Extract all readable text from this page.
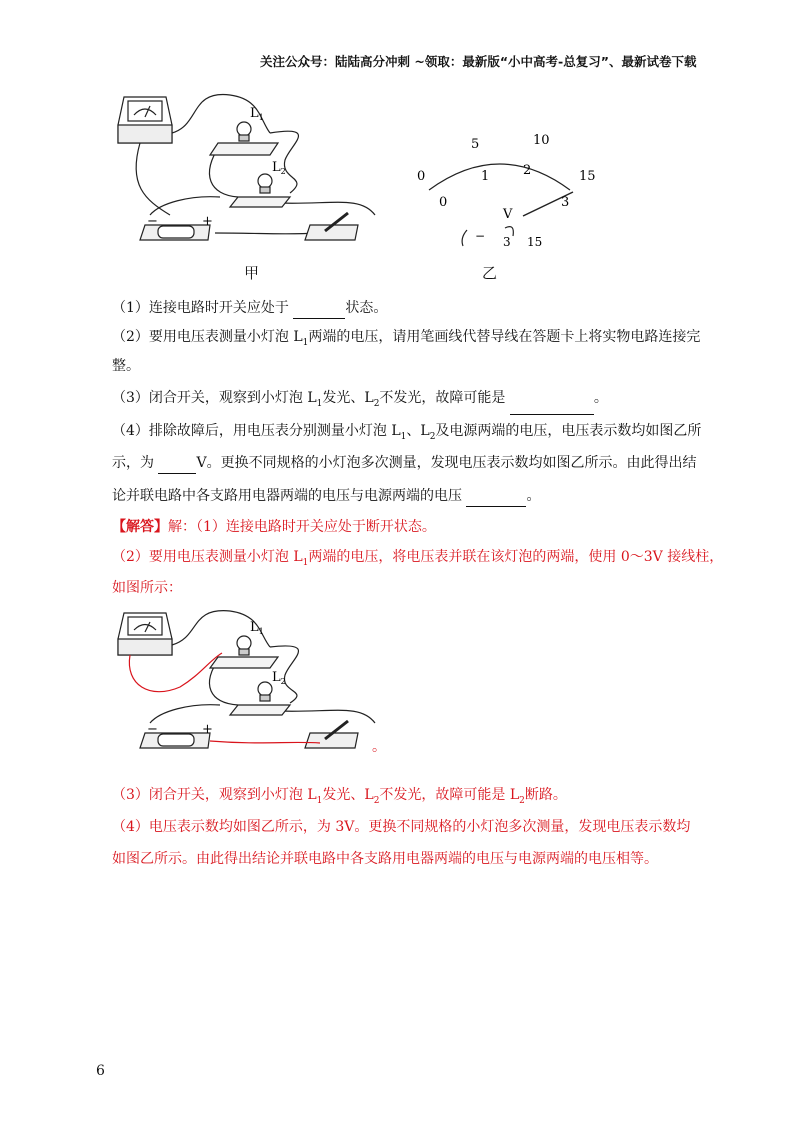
关注公众号：陆陆高分冲刺 ~领取：最新版“小中高考-总复习”、最新试卷下载
$L_1$
$L_2$
−	+
甲
0
5	10
15
0
1	2
3
V
− 3 15
乙
（1）连接电路时开关应处于	状态。
（2）要用电压表测量小灯泡 $L_1$两端的电压，请用笔画线代替导线在答题卡上将实物电路连接完
整。
（3）闭合开关，观察到小灯泡 $L_1$发光、$L_2$不发光，故障可能是	。
（4）排除故障后，用电压表分别测量小灯泡 $L_1$、$L_2$及电源两端的电压，电压表示数均如图乙所
示，为	V。更换不同规格的小灯泡多次测量，发现电压表示数均如图乙所示。由此得出结
论并联电路中各支路用电器两端的电压与电源两端的电压	。
【解答】解：（1）连接电路时开关应处于断开状态。
（2）要用电压表测量小灯泡 $L_1$两端的电压，将电压表并联在该灯泡的两端，使用 0～3V 接线柱，
如图所示：
$L_1$
$L_2$
−	+
。
（3）闭合开关，观察到小灯泡 $L_1$发光、$L_2$不发光，故障可能是 $L_2$断路。
（4）电压表示数均如图乙所示，为 3V。更换不同规格的小灯泡多次测量，发现电压表示数均
如图乙所示。由此得出结论并联电路中各支路用电器两端的电压与电源两端的电压相等。
6
